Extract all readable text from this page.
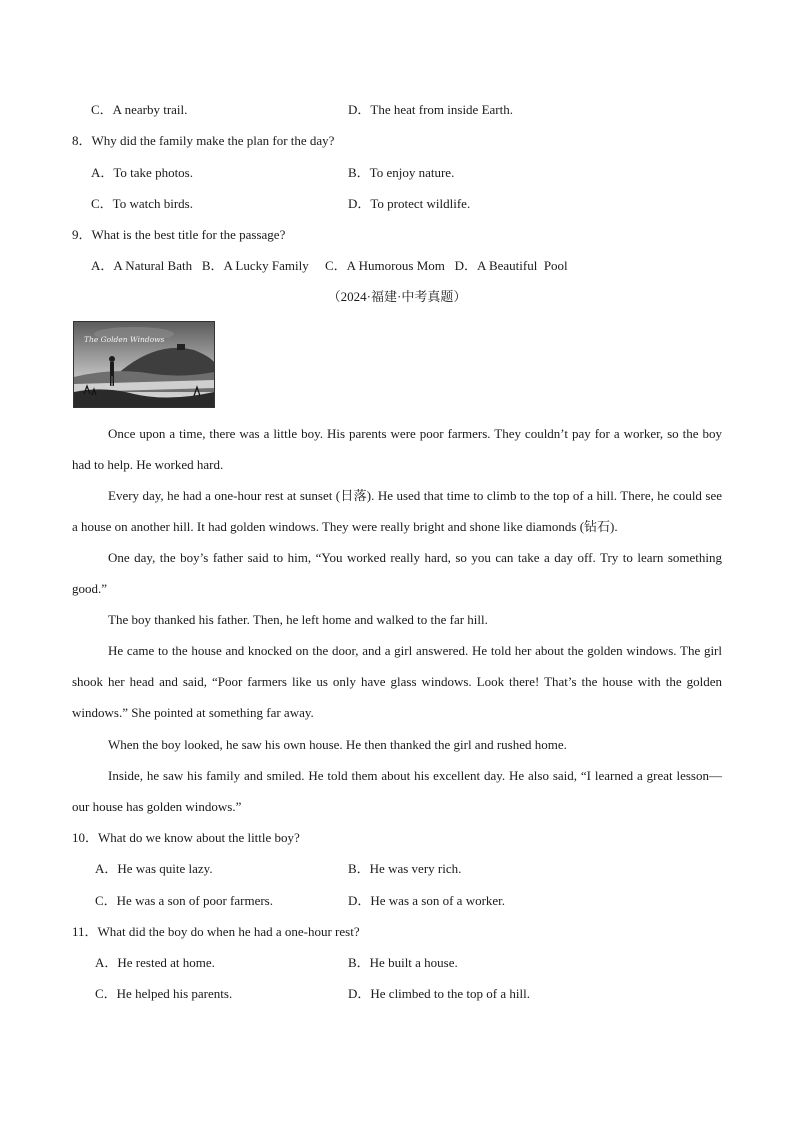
C．A nearby trail.	D．The heat from inside Earth.
8．Why did the family make the plan for the day?
A．To take photos.	B．To enjoy nature.
C．To watch birds.	D．To protect wildlife.
9．What is the best title for the passage?
A．A Natural Bath   B．A Lucky Family     C．A Humorous Mom   D．A Beautiful  Pool
（2024·福建·中考真题）
The Golden Windows
Once upon a time, there was a little boy. His parents were poor farmers. They couldn’t pay for a worker, so the boy had to help. He worked hard.
Every day, he had a one-hour rest at sunset (日落). He used that time to climb to the top of a hill. There, he could see a house on another hill. It had golden windows. They were really bright and shone like diamonds (钻石).
One day, the boy’s father said to him, “You worked really hard, so you can take a day off. Try to learn something good.”
The boy thanked his father. Then, he left home and walked to the far hill.
He came to the house and knocked on the door, and a girl answered. He told her about the golden windows. The girl shook her head and said, “Poor farmers like us only have glass windows. Look there! That’s the house with the golden windows.” She pointed at something far away.
When the boy looked, he saw his own house. He then thanked the girl and rushed home.
Inside, he saw his family and smiled. He told them about his excellent day. He also said, “I learned a great lesson—our house has golden windows.”
10．What do we know about the little boy?
A．He was quite lazy.	B．He was very rich.
C．He was a son of poor farmers.	D．He was a son of a worker.
11．What did the boy do when he had a one-hour rest?
A．He rested at home.	B．He built a house.
C．He helped his parents.	D．He climbed to the top of a hill.
